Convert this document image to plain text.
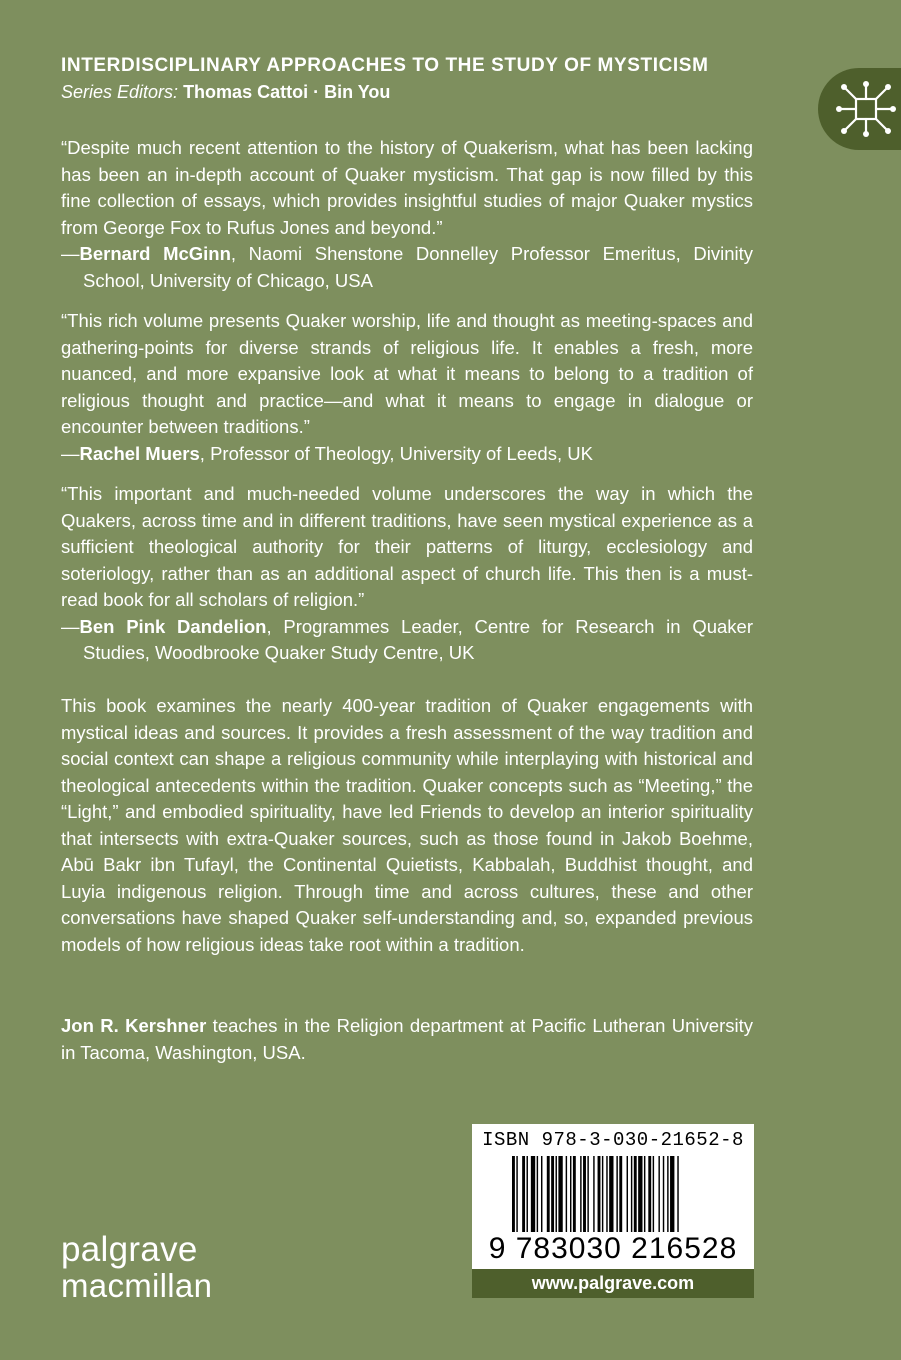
INTERDISCIPLINARY APPROACHES TO THE STUDY OF MYSTICISM
Series Editors: Thomas Cattoi · Bin You

“Despite much recent attention to the history of Quakerism, what has been lacking has been an in-depth account of Quaker mysticism. That gap is now filled by this fine collection of essays, which provides insightful studies of major Quaker mystics from George Fox to Rufus Jones and beyond.”

—Bernard McGinn, Naomi Shenstone Donnelley Professor Emeritus, Divinity School, University of Chicago, USA

“This rich volume presents Quaker worship, life and thought as meeting-spaces and gathering-points for diverse strands of religious life. It enables a fresh, more nuanced, and more expansive look at what it means to belong to a tradition of religious thought and practice—and what it means to engage in dialogue or encounter between traditions.”

—Rachel Muers, Professor of Theology, University of Leeds, UK

“This important and much-needed volume underscores the way in which the Quakers, across time and in different traditions, have seen mystical experience as a sufficient theological authority for their patterns of liturgy, ecclesiology and soteriology, rather than as an additional aspect of church life. This then is a must-read book for all scholars of religion.”

—Ben Pink Dandelion, Programmes Leader, Centre for Research in Quaker Studies, Woodbrooke Quaker Study Centre, UK

This book examines the nearly 400-year tradition of Quaker engagements with mystical ideas and sources. It provides a fresh assessment of the way tradition and social context can shape a religious community while interplaying with historical and theological antecedents within the tradition. Quaker concepts such as “Meeting,” the “Light,” and embodied spirituality, have led Friends to develop an interior spirituality that intersects with extra-Quaker sources, such as those found in Jakob Boehme, Abū Bakr ibn Tufayl, the Continental Quietists, Kabbalah, Buddhist thought, and Luyia indigenous religion. Through time and across cultures, these and other conversations have shaped Quaker self-understanding and, so, expanded previous models of how religious ideas take root within a tradition.

Jon R. Kershner teaches in the Religion department at Pacific Lutheran University in Tacoma, Washington, USA.

palgrave
macmillan
ISBN 978-3-030-21652-8
9 783030 216528
www.palgrave.com
